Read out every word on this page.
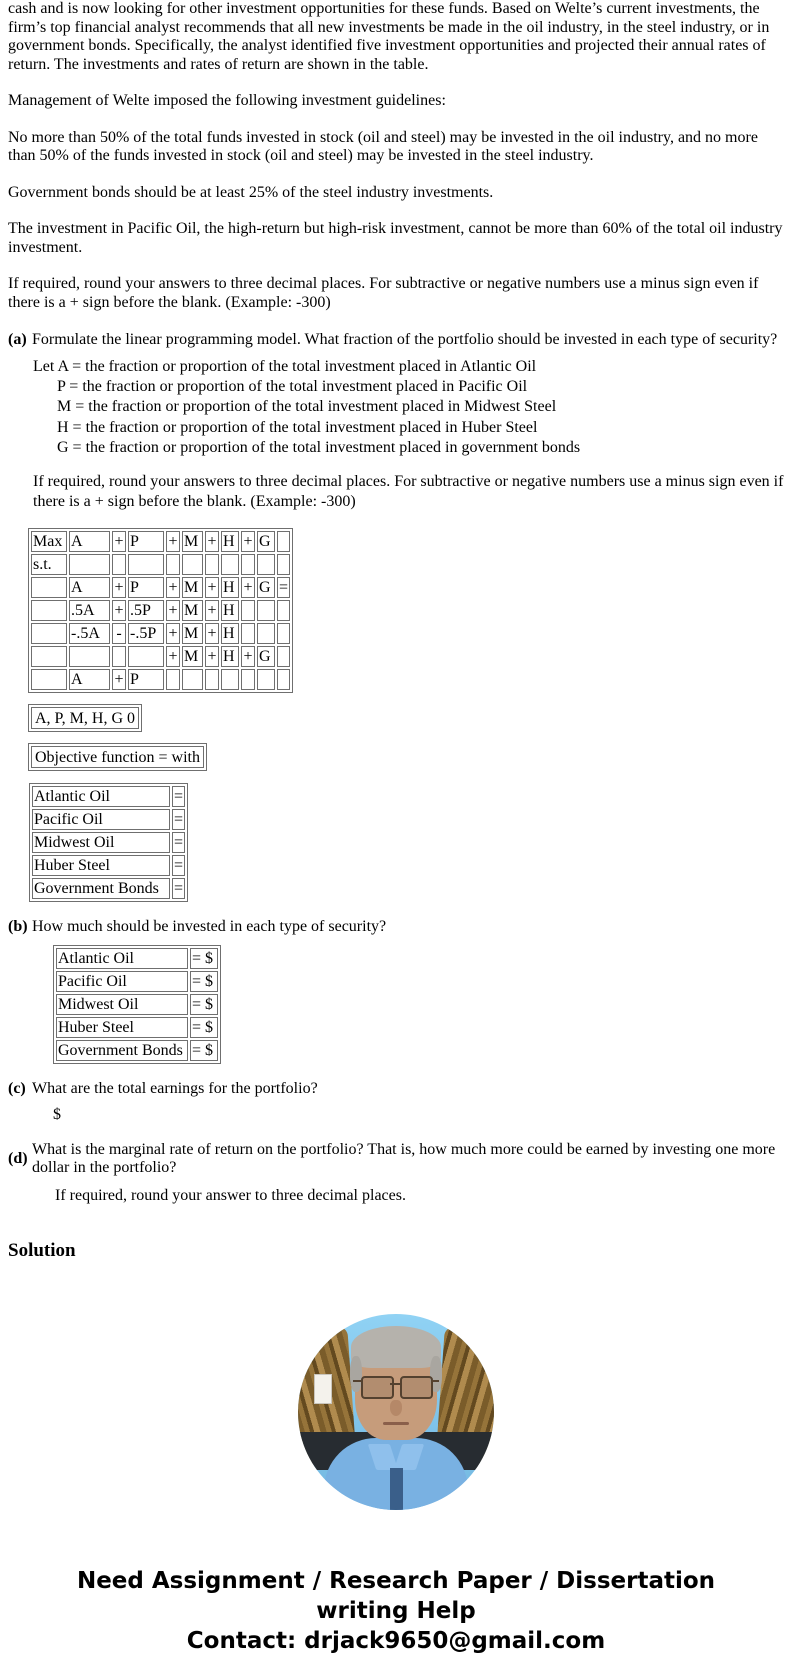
cash and is now looking for other investment opportunities for these funds. Based on Welte’s current investments, the firm’s top financial analyst recommends that all new investments be made in the oil industry, in the steel industry, or in government bonds. Specifically, the analyst identified five investment opportunities and projected their annual rates of return. The investments and rates of return are shown in the table.

Management of Welte imposed the following investment guidelines:

No more than 50% of the total funds invested in stock (oil and steel) may be invested in the oil industry, and no more than 50% of the funds invested in stock (oil and steel) may be invested in the steel industry.

Government bonds should be at least 25% of the steel industry investments.

The investment in Pacific Oil, the high-return but high-risk investment, cannot be more than 60% of the total oil industry investment.

If required, round your answers to three decimal places. For subtractive or negative numbers use a minus sign even if there is a + sign before the blank. (Example: -300)

(a) Formulate the linear programming model. What fraction of the portfolio should be invested in each type of security?
Let A = the fraction or proportion of the total investment placed in Atlantic Oil
P = the fraction or proportion of the total investment placed in Pacific Oil
M = the fraction or proportion of the total investment placed in Midwest Steel
H = the fraction or proportion of the total investment placed in Huber Steel
G = the fraction or proportion of the total investment placed in government bonds
If required, round your answers to three decimal places. For subtractive or negative numbers use a minus sign even if there is a + sign before the blank. (Example: -300)
Max	A	+	P	+	M	+	H	+	G	
s.t.										
	A	+	P	+	M	+	H	+	G	=
	.5A	+	.5P	+	M	+	H			
	-.5A	-	-.5P	+	M	+	H			
				+	M	+	H	+	G	
	A	+	P							
A, P, M, H, G 0
Objective function = with
Atlantic Oil	=
Pacific Oil	=
Midwest Oil	=
Huber Steel	=
Government Bonds	=
(b) How much should be invested in each type of security?
Atlantic Oil	= $
Pacific Oil	= $
Midwest Oil	= $
Huber Steel	= $
Government Bonds	= $
(c) What are the total earnings for the portfolio?
$
(d)
What is the marginal rate of return on the portfolio? That is, how much more could be earned by investing one more dollar in the portfolio?
If required, round your answer to three decimal places.
Solution
Need Assignment / Research Paper / Dissertation
writing Help
Contact: drjack9650@gmail.com
